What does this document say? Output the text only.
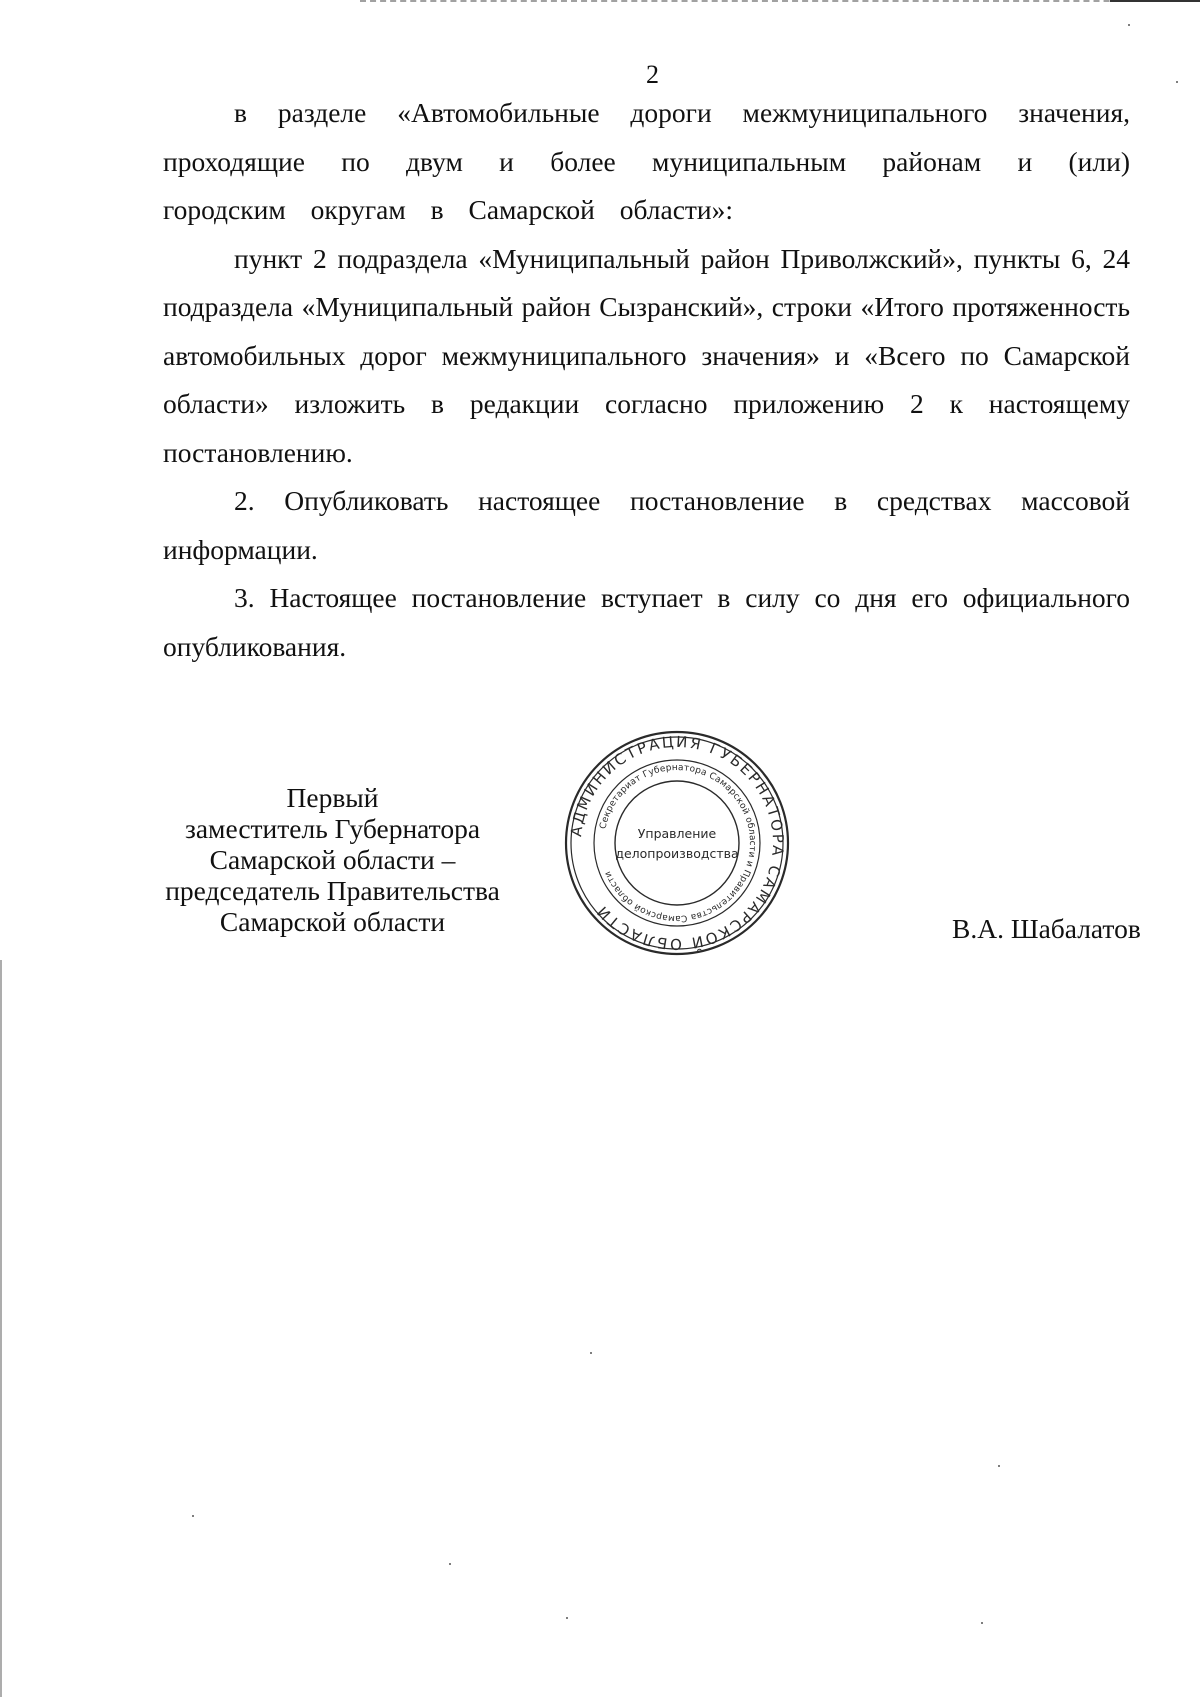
2

в разделе «Автомобильные дороги межмуниципального значения, проходящие по двум и более муниципальным районам и (или) городским округам в Самарской области»:

пункт 2 подраздела «Муниципальный район Приволжский», пункты 6, 24 подраздела «Муниципальный район Сызранский», строки «Итого протяженность автомобильных дорог межмуниципального значения» и «Всего по Самарской области» изложить в редакции согласно приложению 2 к настоящему постановлению.

2. Опубликовать настоящее постановление в средствах массовой информации.

3. Настоящее постановление вступает в силу со дня его официального опубликования.

Первый
заместитель Губернатора
Самарской области –
председатель Правительства
Самарской области
АДМИНИСТРАЦИЯ ГУБЕРНАТОРА САМАРСКОЙ ОБЛАСТИ
Секретариат Губернатора Самарской области и Правительства Самарской области
Управление
делопроизводства
В.А. Шабалатов
